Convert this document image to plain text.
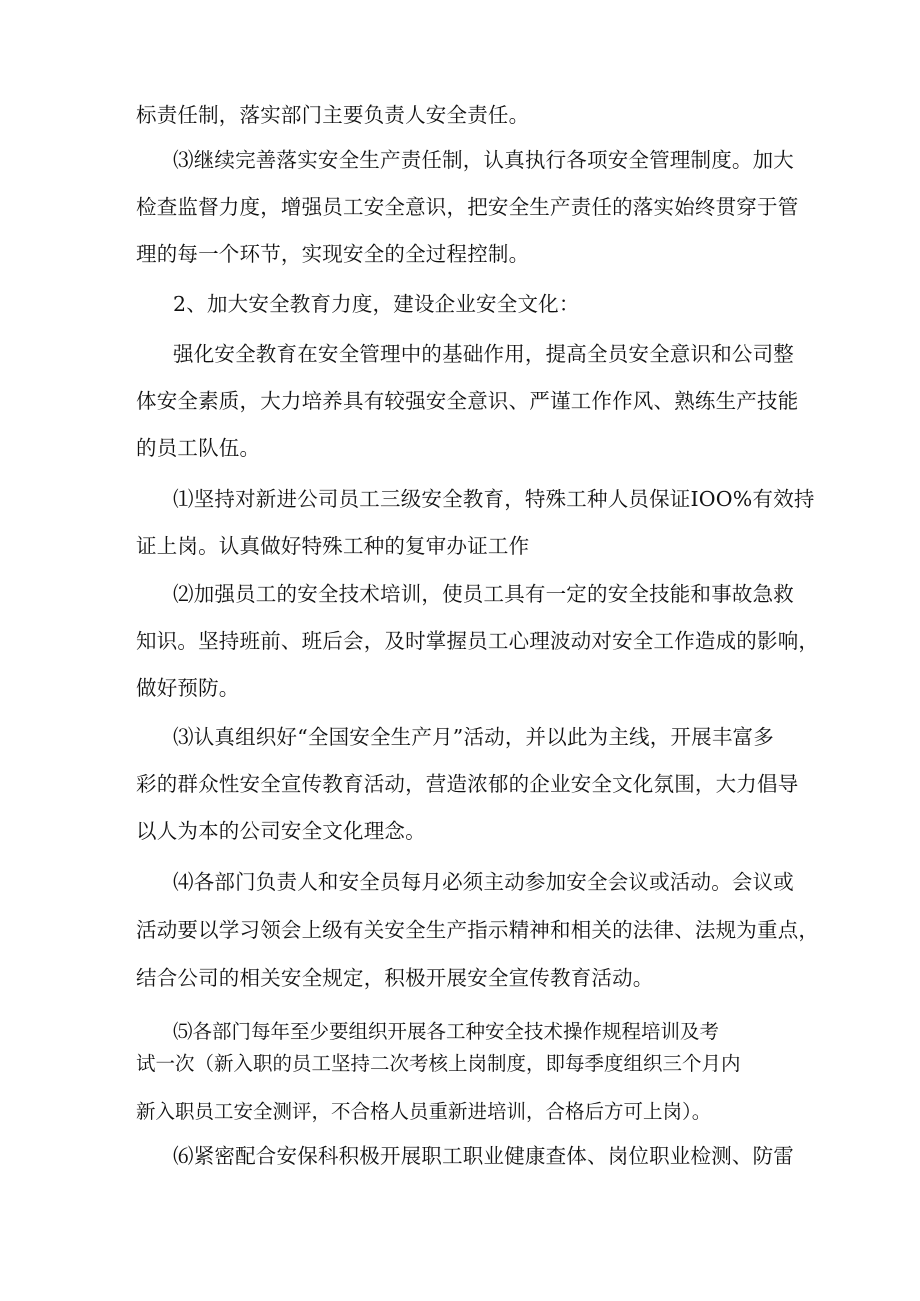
标责任制，落实部门主要负责人安全责任。
⑶继续完善落实安全生产责任制，认真执行各项安全管理制度。加大
检查监督力度，增强员工安全意识，把安全生产责任的落实始终贯穿于管
理的每一个环节，实现安全的全过程控制。
2、加大安全教育力度，建设企业安全文化：
强化安全教育在安全管理中的基础作用，提高全员安全意识和公司整
体安全素质，大力培养具有较强安全意识、严谨工作作风、熟练生产技能
的员工队伍。
⑴坚持对新进公司员工三级安全教育，特殊工种人员保证IOO%有效持
证上岗。认真做好特殊工种的复审办证工作
⑵加强员工的安全技术培训，使员工具有一定的安全技能和事故急救
知识。坚持班前、班后会，及时掌握员工心理波动对安全工作造成的影响，
做好预防。
⑶认真组织好“全国安全生产月”活动，并以此为主线，开展丰富多
彩的群众性安全宣传教育活动，营造浓郁的企业安全文化氛围，大力倡导
以人为本的公司安全文化理念。
⑷各部门负责人和安全员每月必须主动参加安全会议或活动。会议或
活动要以学习领会上级有关安全生产指示精神和相关的法律、法规为重点，
结合公司的相关安全规定，积极开展安全宣传教育活动。
⑸各部门每年至少要组织开展各工种安全技术操作规程培训及考
试一次（新入职的员工坚持二次考核上岗制度，即每季度组织三个月内
新入职员工安全测评，不合格人员重新进培训，合格后方可上岗）。
⑹紧密配合安保科积极开展职工职业健康查体、岗位职业检测、防雷
